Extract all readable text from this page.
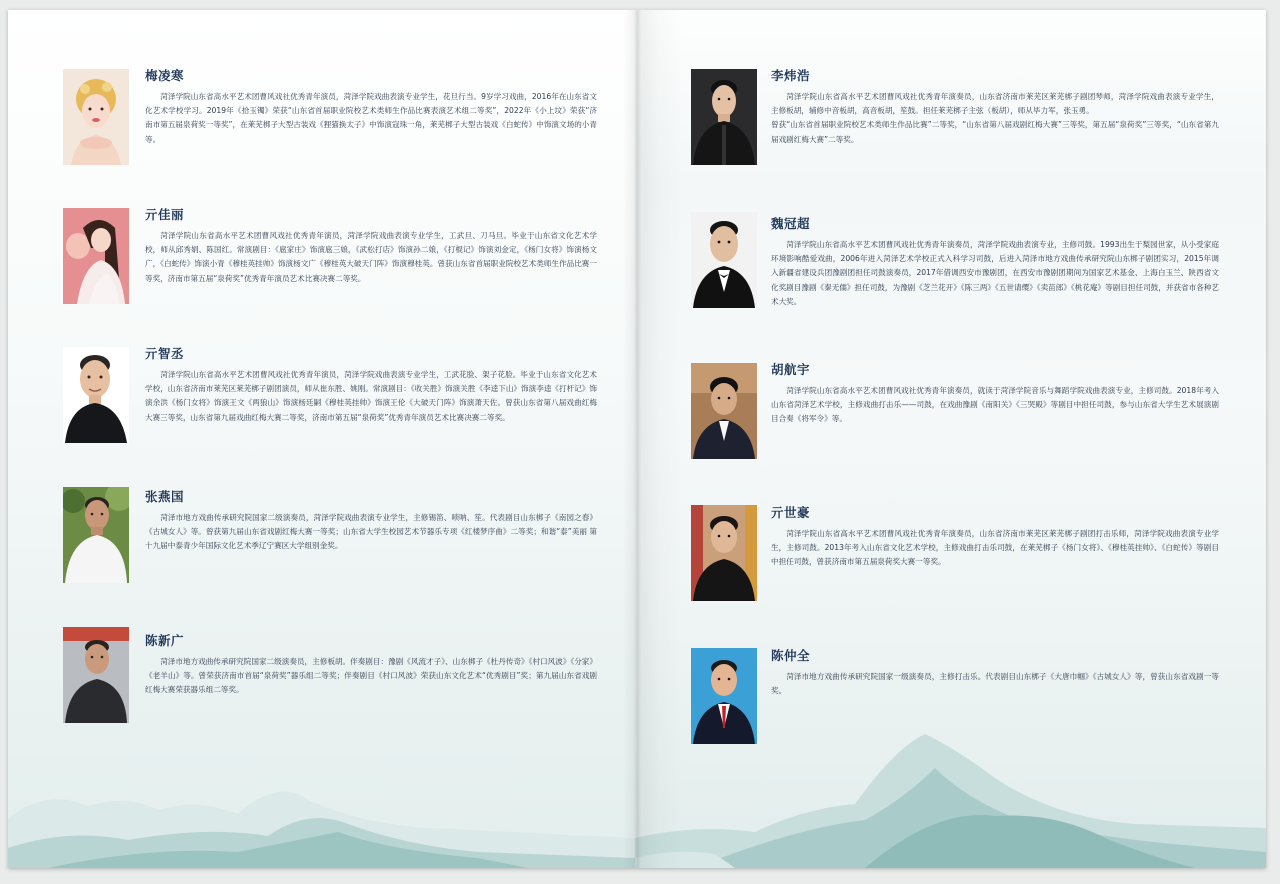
梅凌寒
菏泽学院山东省高水平艺术团曹风戏社优秀青年演员，菏泽学院戏曲表演专业学生，花旦行当。9岁学习戏曲，2016年在山东省文化艺术学校学习。2019年《拾玉镯》荣获“山东省首届职业院校艺术类师生作品比赛表演艺术组二等奖”，2022年《小上坟》荣获“济南市第五届泉荷奖一等奖”，在莱芜梆子大型古装戏《狸猫换太子》中饰演寇珠一角，莱芜梆子大型古装戏《白蛇传》中饰演文场的小青等。
亓佳丽
菏泽学院山东省高水平艺术团曹风戏社优秀青年演员，菏泽学院戏曲表演专业学生，工武旦、刀马旦。毕业于山东省文化艺术学校，师从邱秀娟、陈国红。常演剧目：《扈家庄》饰演扈三娘，《武松打店》饰演孙二娘，《打棍记》饰演刘金定，《杨门女将》饰演杨文广，《白蛇传》饰演小青《穆桂英挂帅》饰演杨文广《穆桂英大破天门阵》饰演穆桂英。曾获山东省首届职业院校艺术类师生作品比赛一等奖，济南市第五届“泉荷奖”优秀青年演员艺术比赛决赛二等奖。
亓智丞
菏泽学院山东省高水平艺术团曹风戏社优秀青年演员，菏泽学院戏曲表演专业学生，工武花脸、架子花脸。毕业于山东省文化艺术学校，山东省济南市莱芜区莱芜梆子剧团演员，师从崔东胜、姚刚。常演剧目：《收关胜》饰演关胜《李逵下山》饰演李逵《打杆记》饰演余洪《杨门女将》饰演王文《两狼山》饰演杨廷嗣《穆桂英挂帅》饰演王伦《大破天门阵》饰演萧天佐。曾获山东省第八届戏曲红梅大赛三等奖，山东省第九届戏曲红梅大赛二等奖，济南市第五届“泉荷奖”优秀青年演员艺术比赛决赛二等奖。
张燕国
菏泽市地方戏曲传承研究院国家二级演奏员，菏泽学院戏曲表演专业学生，主修锡笛、唢呐、笙。代表剧目山东梆子《南园之春》《古城女人》等。曾获第九届山东省戏剧红梅大赛一等奖；山东省大学生校园艺术节器乐专项《红楼梦序曲》二等奖；和谐“泰”美丽 第十九届中泰青少年国际文化艺术季辽宁赛区大学组别金奖。
陈新广
菏泽市地方戏曲传承研究院国家二级演奏员，主修板胡。伴奏剧目：豫剧《风流才子》、山东梆子《杜丹传奇》《村口风波》《分家》《老羊山》等。曾荣获济南市首届“泉荷奖”器乐组二等奖；伴奏剧目《村口风波》荣获山东文化艺术“优秀剧目”奖；第九届山东省戏剧红梅大赛荣获器乐组二等奖。
李炜浩
菏泽学院山东省高水平艺术团曹风戏社优秀青年演奏员，山东省济南市莱芜区莱芜梆子剧团琴师，菏泽学院戏曲表演专业学生，主修板胡，辅修中音板胡，高音板胡，笙鼓。担任莱芜梆子主弦（板胡），师从毕力军，张玉勇。
曾获“山东省首届职业院校艺术类师生作品比赛”二等奖，“山东省第八届戏剧红梅大赛”三等奖，第五届“泉荷奖”三等奖，“山东省第九届戏剧红梅大赛”二等奖。
魏冠超
菏泽学院山东省高水平艺术团曹风戏社优秀青年演奏员，菏泽学院戏曲表演专业，主修司鼓。1993出生于梨园世家，从小受家庭环境影响酷爱戏曲，2006年进入菏泽艺术学校正式入科学习司鼓，后进入菏泽市地方戏曲传承研究院山东梆子剧团实习，2015年调入新疆省建设兵团豫剧团担任司鼓演奏员，2017年借调西安市豫剧团，在西安市豫剧团期间为国家艺术基金、上海白玉兰、陕西省文化奖剧目豫剧《秦无儒》担任司鼓，为豫剧《芝兰花开》《陈三两》《五世请缨》《卖苗郎》《桃花庵》等剧目担任司鼓，并获省市各种艺术大奖。
胡航宇
菏泽学院山东省高水平艺术团曹风戏社优秀青年演奏员，就读于菏泽学院音乐与舞蹈学院戏曲表演专业，主修司鼓。2018年考入山东省菏泽艺术学校，主修戏曲打击乐——司鼓，在戏曲豫剧《南阳关》《三哭殿》等剧目中担任司鼓，参与山东省大学生艺术展演剧目合奏《将军令》等。
亓世豪
菏泽学院山东省高水平艺术团曹风戏社优秀青年演奏员，山东省济南市莱芜区莱芜梆子剧团打击乐师，菏泽学院戏曲表演专业学生，主修司鼓。2013年考入山东省文化艺术学校，主修戏曲打击乐司鼓，在莱芜梆子《杨门女将》、《穆桂英挂帅》、《白蛇传》等剧目中担任司鼓，曾获济南市第五届泉荷奖大赛一等奖。
陈仲全
菏泽市地方戏曲传承研究院国家一级演奏员，主修打击乐。代表剧目山东梆子《大唐巾帼》《古城女人》等，曾获山东省戏剧一等奖。
